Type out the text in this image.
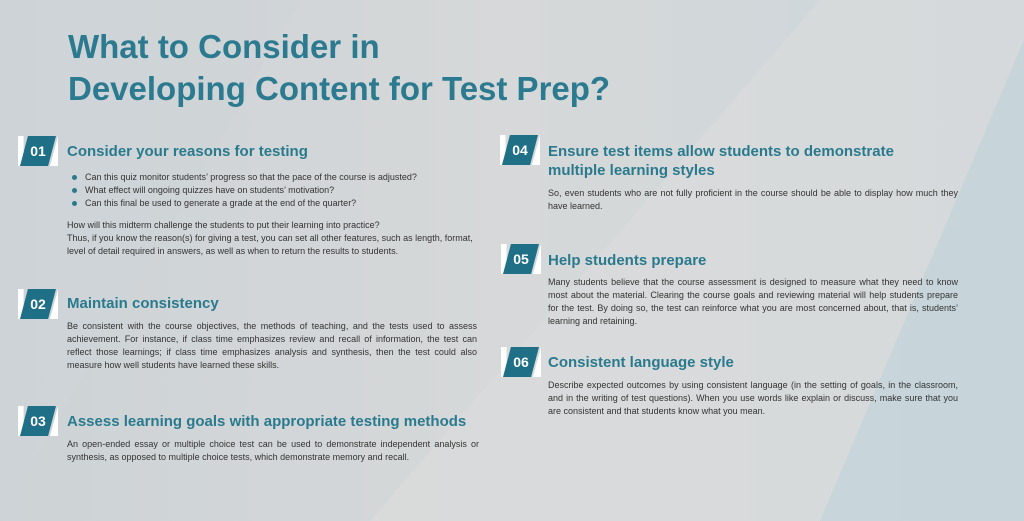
What to Consider in
Developing Content for Test Prep?
01	Consider your reasons for testing
Can this quiz monitor students’ progress so that the pace of the course is adjusted?
What effect will ongoing quizzes have on students’ motivation?
Can this final be used to generate a grade at the end of the quarter?

How will this midterm challenge the students to put their learning into practice?

Thus, if you know the reason(s) for giving a test, you can set all other features, such as length, format, level of detail required in answers, as well as when to return the results to students.

02	Maintain consistency

Be consistent with the course objectives, the methods of teaching, and the tests used to assess achievement. For instance, if class time emphasizes review and recall of information, the test can reflect those learnings; if class time emphasizes analysis and synthesis, then the test could also measure how well students have learned these skills.

03	Assess learning goals with appropriate testing methods

An open-ended essay or multiple choice test can be used to demonstrate independent analysis or synthesis, as opposed to multiple choice tests, which demonstrate memory and recall.

04	Ensure test items allow students to demonstrate multiple learning styles

So, even students who are not fully proficient in the course should be able to display how much they have learned.

05	Help students prepare

Many students believe that the course assessment is designed to measure what they need to know most about the material. Clearing the course goals and reviewing material will help students prepare for the test. By doing so, the test can reinforce what you are most concerned about, that is, students’ learning and retaining.

06	Consistent language style

Describe expected outcomes by using consistent language (in the setting of goals, in the classroom, and in the writing of test questions). When you use words like explain or discuss, make sure that you are consistent and that students know what you mean.
